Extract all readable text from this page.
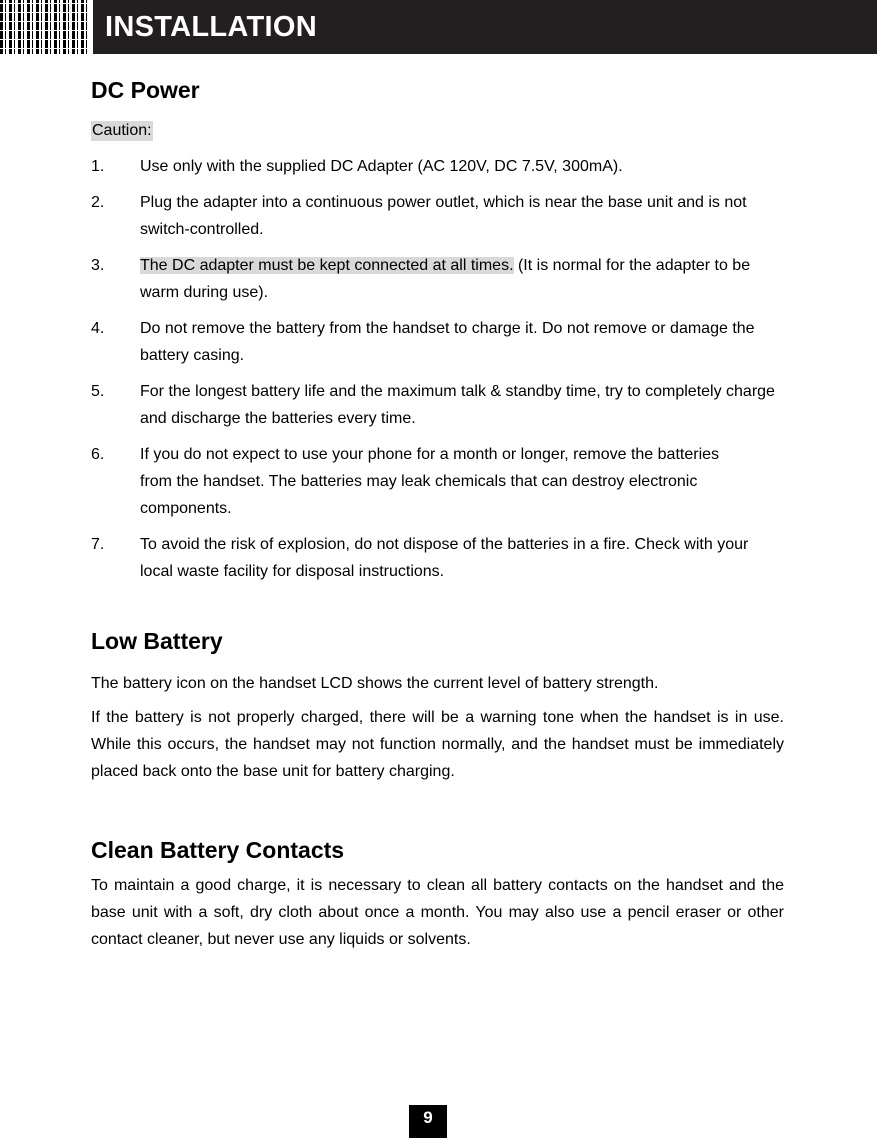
INSTALLATION
DC Power
Caution:
1. Use only with the supplied DC Adapter (AC 120V, DC 7.5V, 300mA).
2. Plug the adapter into a continuous power outlet, which is near the base unit and is not switch-controlled.
3. The DC adapter must be kept connected at all times. (It is normal for the adapter to be warm during use).
4. Do not remove the battery from the handset to charge it. Do not remove or damage the battery casing.
5. For the longest battery life and the maximum talk & standby time, try to completely charge and discharge the batteries every time.
6. If you do not expect to use your phone for a month or longer, remove the batteries from the handset. The batteries may leak chemicals that can destroy electronic components.
7. To avoid the risk of explosion, do not dispose of the batteries in a fire. Check with your local waste facility for disposal instructions.
Low Battery

The battery icon on the handset LCD shows the current level of battery strength.

If the battery is not properly charged, there will be a warning tone when the handset is in use. While this occurs, the handset may not function normally, and the handset must be immediately placed back onto the base unit for battery charging.

Clean Battery Contacts

To maintain a good charge, it is necessary to clean all battery contacts on the handset and the base unit with a soft, dry cloth about once a month. You may also use a pencil eraser or other contact cleaner, but never use any liquids or solvents.

9
